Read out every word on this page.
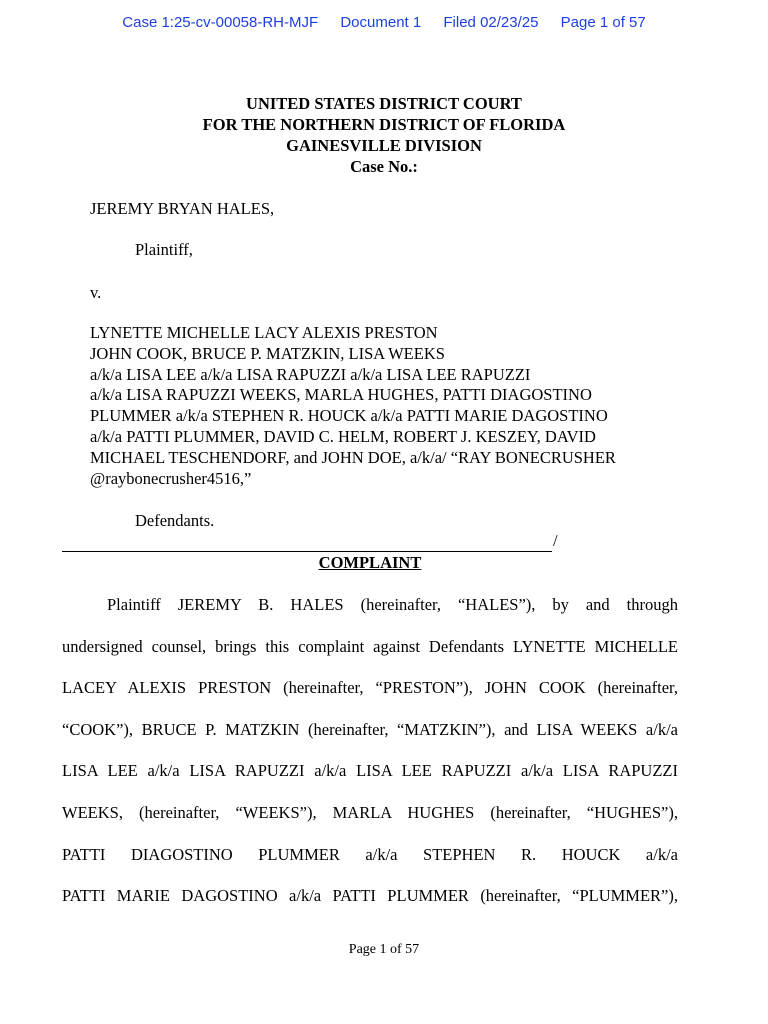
Case 1:25-cv-00058-RH-MJF Document 1 Filed 02/23/25 Page 1 of 57
UNITED STATES DISTRICT COURT
FOR THE NORTHERN DISTRICT OF FLORIDA
GAINESVILLE DIVISION
Case No.:
JEREMY BRYAN HALES,
Plaintiff,
v.
LYNETTE MICHELLE LACY ALEXIS PRESTON
JOHN COOK, BRUCE P. MATZKIN, LISA WEEKS
a/k/a LISA LEE a/k/a LISA RAPUZZI a/k/a LISA LEE RAPUZZI
a/k/a LISA RAPUZZI WEEKS, MARLA HUGHES, PATTI DIAGOSTINO
PLUMMER a/k/a STEPHEN R. HOUCK a/k/a PATTI MARIE DAGOSTINO
a/k/a PATTI PLUMMER, DAVID C. HELM, ROBERT J. KESZEY, DAVID
MICHAEL TESCHENDORF, and JOHN DOE, a/k/a/ “RAY BONECRUSHER
@raybonecrusher4516,”
Defendants.
/
COMPLAINT
Plaintiff JEREMY B. HALES (hereinafter, “HALES”), by and through
undersigned counsel, brings this complaint against Defendants LYNETTE MICHELLE
LACEY ALEXIS PRESTON (hereinafter, “PRESTON”), JOHN COOK (hereinafter,
“COOK”), BRUCE P. MATZKIN (hereinafter, “MATZKIN”), and LISA WEEKS a/k/a
LISA LEE a/k/a LISA RAPUZZI a/k/a LISA LEE RAPUZZI a/k/a LISA RAPUZZI
WEEKS, (hereinafter, “WEEKS”), MARLA HUGHES (hereinafter, “HUGHES”),
PATTI DIAGOSTINO PLUMMER a/k/a STEPHEN R. HOUCK a/k/a
PATTI MARIE DAGOSTINO a/k/a PATTI PLUMMER (hereinafter, “PLUMMER”),
Page 1 of 57
